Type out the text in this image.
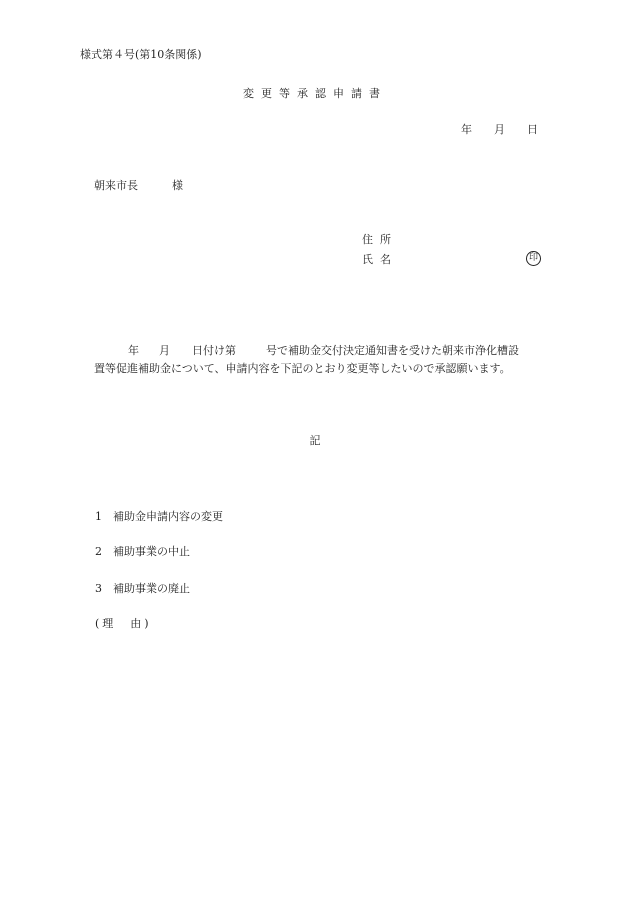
様式第４号(第10条関係)
変更等承認申請書
年 月 日
朝来市長	様
住所
氏名	印
年 月 日付け第	号で補助金交付決定通知書を受けた朝来市浄化槽設
置等促進補助金について、申請内容を下記のとおり変更等したいので承認願います。
記
1 補助金申請内容の変更
2 補助事業の中止
3 補助事業の廃止
(理　由)
